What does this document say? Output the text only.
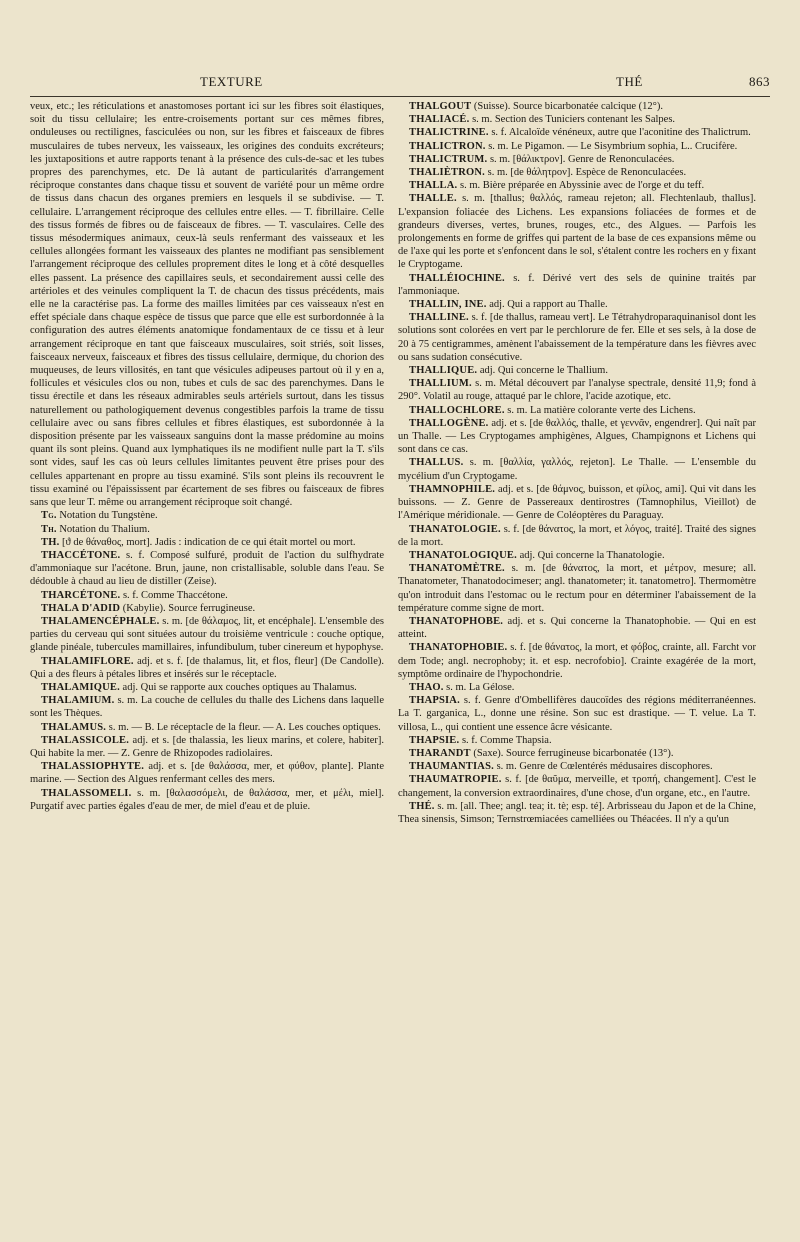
TEXTURE	THÉ	863

veux, etc.; les réticulations et anastomoses portant ici sur les fibres soit élastiques, soit du tissu cellulaire; les entre-croisements portant sur ces mêmes fibres, onduleuses ou rectilignes, fasciculées ou non, sur les fibres et faisceaux de fibres musculaires de tubes nerveux, les vaisseaux, les origines des conduits excréteurs; les juxtapositions et autre rapports tenant à la présence des culs-de-sac et les tubes propres des parenchymes, etc. De là autant de particularités d'arrangement réciproque constantes dans chaque tissu et souvent de variété pour un même ordre de tissus dans chacun des organes premiers en lesquels il se subdivise. — T. cellulaire. L'arrangement réciproque des cellules entre elles. — T. fibrillaire. Celle des tissus formés de fibres ou de faisceaux de fibres. — T. vasculaires. Celle des tissus mésodermiques animaux, ceux-là seuls renfermant des vaisseaux et les cellules allongées formant les vaisseaux des plantes ne modifiant pas sensiblement l'arrangement réciproque des cellules proprement dites le long et à côté desquelles elles passent. La présence des capillaires seuls, et secondairement aussi celle des artérioles et des veinules compliquent la T. de chacun des tissus précédents, mais elle ne la caractérise pas. La forme des mailles limitées par ces vaisseaux n'est en effet spéciale dans chaque espèce de tissus que parce que elle est surbordonnée à la configuration des autres éléments anatomique fondamentaux de ce tissu et à leur arrangement réciproque en tant que faisceaux musculaires, soit striés, soit lisses, faisceaux nerveux, faisceaux et fibres des tissus cellulaire, dermique, du chorion des muqueuses, de leurs villosités, en tant que vésicules adipeuses partout où il y en a, follicules et vésicules clos ou non, tubes et culs de sac des parenchymes. Dans le tissu érectile et dans les réseaux admirables seuls artériels surtout, dans les tissus naturellement ou pathologiquement devenus congestibles parfois la trame de tissu cellulaire avec ou sans fibres cellules et fibres élastiques, est subordonnée à la disposition présente par les vaisseaux sanguins dont la masse prédomine au moins quant ils sont pleins. Quand aux lymphatiques ils ne modifient nulle part la T. s'ils sont vides, sauf les cas où leurs cellules limitantes peuvent être prises pour des cellules appartenant en propre au tissu examiné. S'ils sont pleins ils recouvrent le tissu examiné ou l'épaississent par écartement de ses fibres ou faisceaux de fibres sans que leur T. même ou arrangement réciproque soit changé.

Tg. Notation du Tungstène.

Th. Notation du Thalium.

TH. [ϑ de θάναθος, mort]. Jadis : indication de ce qui était mortel ou mort.

THACCÉTONE. s. f. Composé sulfuré, produit de l'action du sulfhydrate d'ammoniaque sur l'acétone. Brun, jaune, non cristallisable, soluble dans l'eau. Se dédouble à chaud au lieu de distiller (Zeise).

THARCÉTONE. s. f. Comme Thaccétone.

THALA D'ADID (Kabylie). Source ferrugineuse.

THALAMENCÉPHALE. s. m. [de θάλαμος, lit, et encéphale]. L'ensemble des parties du cerveau qui sont situées autour du troisième ventricule : couche optique, glande pinéale, tubercules mamillaires, infundibulum, tuber cinereum et hypophyse.

THALAMIFLORE. adj. et s. f. [de thalamus, lit, et flos, fleur] (De Candolle). Qui a des fleurs à pétales libres et insérés sur le réceptacle.

THALAMIQUE. adj. Qui se rapporte aux couches optiques au Thalamus.

THALAMIUM. s. m. La couche de cellules du thalle des Lichens dans laquelle sont les Thèques.

THALAMUS. s. m. — B. Le réceptacle de la fleur. — A. Les couches optiques.

THALASSICOLE. adj. et s. [de thalassia, les lieux marins, et colere, habiter]. Qui habite la mer. — Z. Genre de Rhizopodes radiolaires.

THALASSIOPHYTE. adj. et s. [de θαλάσσα, mer, et φύθον, plante]. Plante marine. — Section des Algues renfermant celles des mers.

THALASSOMELI. s. m. [θαλασσόμελι, de θαλάσσα, mer, et μέλι, miel]. Purgatif avec parties égales d'eau de mer, de miel d'eau et de pluie.

THALGOUT (Suisse). Source bicarbonatée calcique (12°).

THALIACÉ. s. m. Section des Tuniciers contenant les Salpes.

THALICTRINE. s. f. Alcaloïde vénéneux, autre que l'aconitine des Thalictrum.

THALICTRON. s. m. Le Pigamon. — Le Sisymbrium sophia, L.. Crucifère.

THALICTRUM. s. m. [θάλικτρον]. Genre de Renonculacées.

THALIÈTRON. s. m. [de θάλητρον]. Espèce de Renonculacées.

THALLA. s. m. Bière préparée en Abyssinie avec de l'orge et du teff.

THALLE. s. m. [thallus; θαλλός, rameau rejeton; all. Flechtenlaub, thallus]. L'expansion foliacée des Lichens. Les expansions foliacées de formes et de grandeurs diverses, vertes, brunes, rouges, etc., des Algues. — Parfois les prolongements en forme de griffes qui partent de la base de ces expansions même ou de l'axe qui les porte et s'enfoncent dans le sol, s'étalent contre les rochers en y fixant le Cryptogame.

THALLÉIOCHINE. s. f. Dérivé vert des sels de quinine traités par l'ammoniaque.

THALLIN, INE. adj. Qui a rapport au Thalle.

THALLINE. s. f. [de thallus, rameau vert]. Le Tétrahydroparaquinanisol dont les solutions sont colorées en vert par le perchlorure de fer. Elle et ses sels, à la dose de 20 à 75 centigrammes, amènent l'abaissement de la température dans les fièvres avec ou sans sudation consécutive.

THALLIQUE. adj. Qui concerne le Thallium.

THALLIUM. s. m. Métal découvert par l'analyse spectrale, densité 11,9; fond à 290°. Volatil au rouge, attaqué par le chlore, l'acide azotique, etc.

THALLOCHLORE. s. m. La matière colorante verte des Lichens.

THALLOGÈNE. adj. et s. [de θαλλός, thalle, et γεννᾶν, engendrer]. Qui naît par un Thalle. — Les Cryptogames amphigènes, Algues, Champignons et Lichens qui sont dans ce cas.

THALLUS. s. m. [θαλλία, γαλλός, rejeton]. Le Thalle. — L'ensemble du mycélium d'un Cryptogame.

THAMNOPHILE. adj. et s. [de θάμνος, buisson, et φίλος, ami]. Qui vit dans les buissons. — Z. Genre de Passereaux dentirostres (Tamnophilus, Vieillot) de l'Amérique méridionale. — Genre de Coléoptères du Paraguay.

THANATOLOGIE. s. f. [de θάνατος, la mort, et λόγος, traité]. Traité des signes de la mort.

THANATOLOGIQUE. adj. Qui concerne la Thanatologie.

THANATOMÈTRE. s. m. [de θάνατος, la mort, et μέτρον, mesure; all. Thanatometer, Thanatodocimeser; angl. thanatometer; it. tanatometro]. Thermomètre qu'on introduit dans l'estomac ou le rectum pour en déterminer l'abaissement de la température comme signe de mort.

THANATOPHOBE. adj. et s. Qui concerne la Thanatophobie. — Qui en est atteint.

THANATOPHOBIE. s. f. [de θάνατος, la mort, et φόβος, crainte, all. Farcht vor dem Tode; angl. necrophoby; it. et esp. necrofobio]. Crainte exagérée de la mort, symptôme ordinaire de l'hypochondrie.

THAO. s. m. La Gélose.

THAPSIA. s. f. Genre d'Ombellifères daucoïdes des régions méditerranéennes. La T. garganica, L., donne une résine. Son suc est drastique. — T. velue. La T. villosa, L., qui contient une essence âcre vésicante.

THAPSIE. s. f. Comme Thapsia.

THARANDT (Saxe). Source ferrugineuse bicarbonatée (13°).

THAUMANTIAS. s. m. Genre de Cœlentérés médusaires discophores.

THAUMATROPIE. s. f. [de θαῦμα, merveille, et τροπή, changement]. C'est le changement, la conversion extraordinaires, d'une chose, d'un organe, etc., en l'autre.

THÉ. s. m. [all. Thee; angl. tea; it. tè; esp. té]. Arbrisseau du Japon et de la Chine, Thea sinensis, Simson; Ternstrœmiacées camelliées ou Théacées. Il n'y a qu'un
